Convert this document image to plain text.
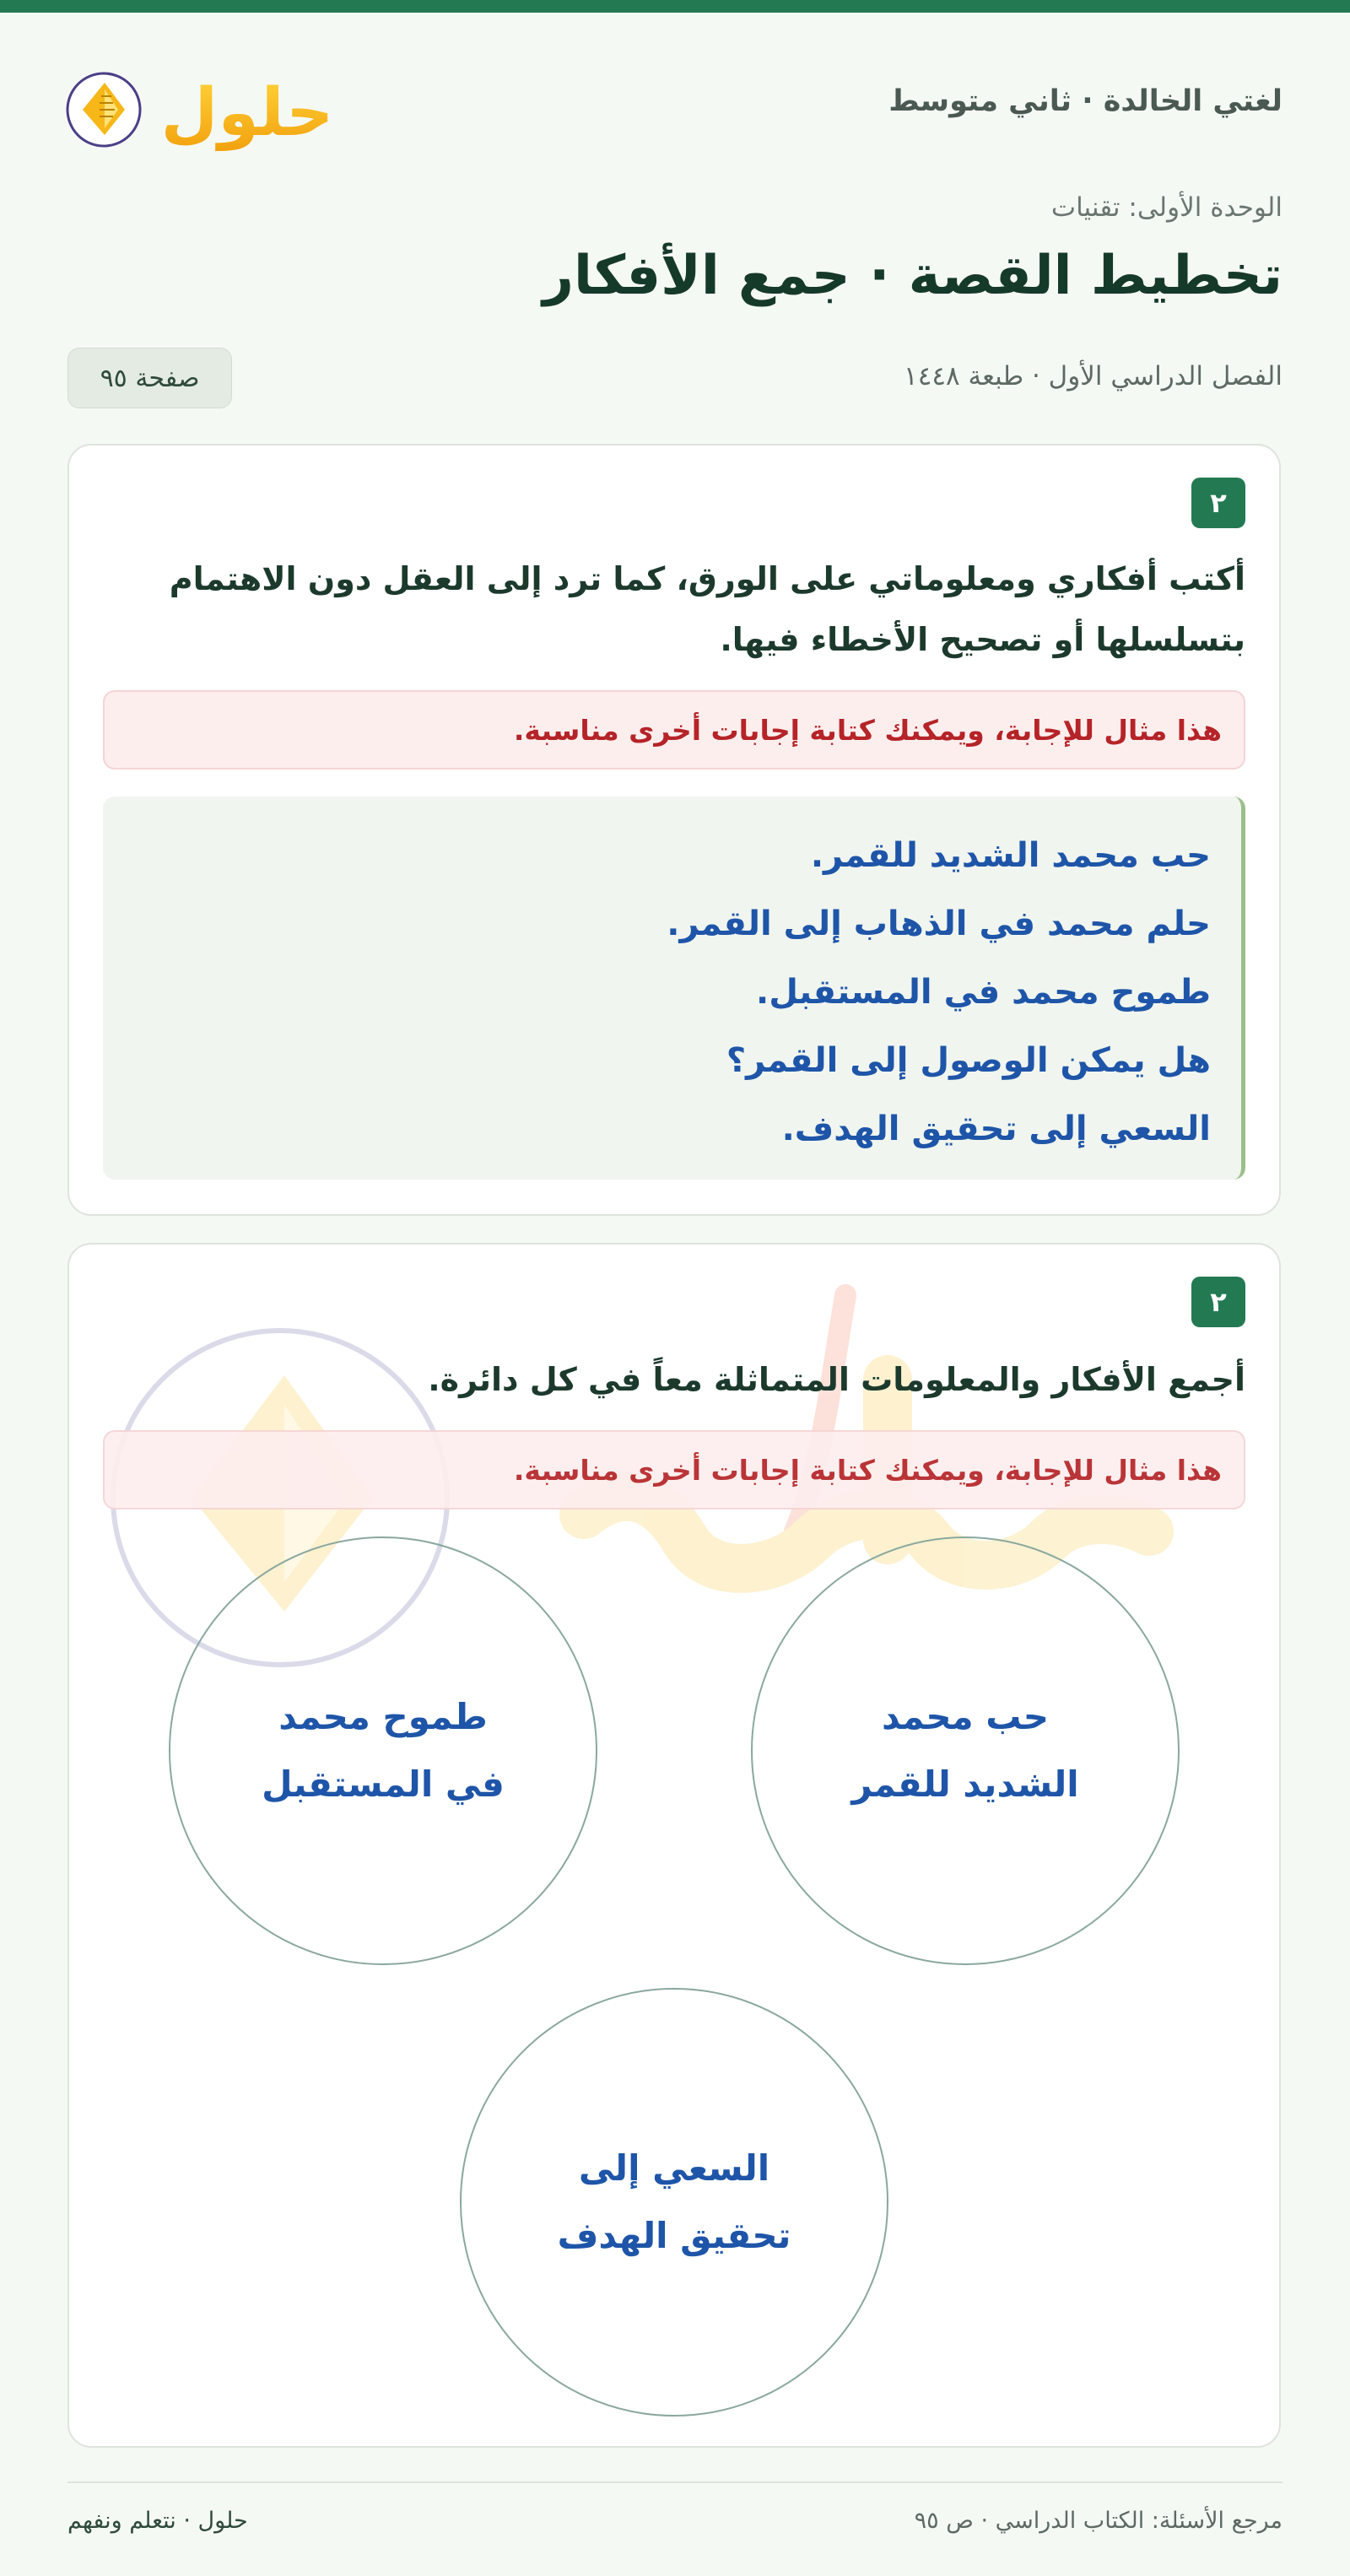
لغتي الخالدة · ثاني متوسط
حلول
الوحدة الأولى: تقنيات
تخطيط القصة · جمع الأفكار
الفصل الدراسي الأول · طبعة ١٤٤٨
صفحة ٩٥
٢
أكتب أفكاري ومعلوماتي على الورق، كما ترد إلى العقل دون الاهتمام
بتسلسلها أو تصحيح الأخطاء فيها.
هذا مثال للإجابة، ويمكنك كتابة إجابات أخرى مناسبة.
حب محمد الشديد للقمر.
حلم محمد في الذهاب إلى القمر.
طموح محمد في المستقبل.
هل يمكن الوصول إلى القمر؟
السعي إلى تحقيق الهدف.
٢
أجمع الأفكار والمعلومات المتماثلة معاً في كل دائرة.
هذا مثال للإجابة، ويمكنك كتابة إجابات أخرى مناسبة.
حب محمد
الشديد للقمر
طموح محمد
في المستقبل
السعي إلى
تحقيق الهدف
مرجع الأسئلة: الكتاب الدراسي · ص ٩٥
حلول · نتعلم ونفهم
